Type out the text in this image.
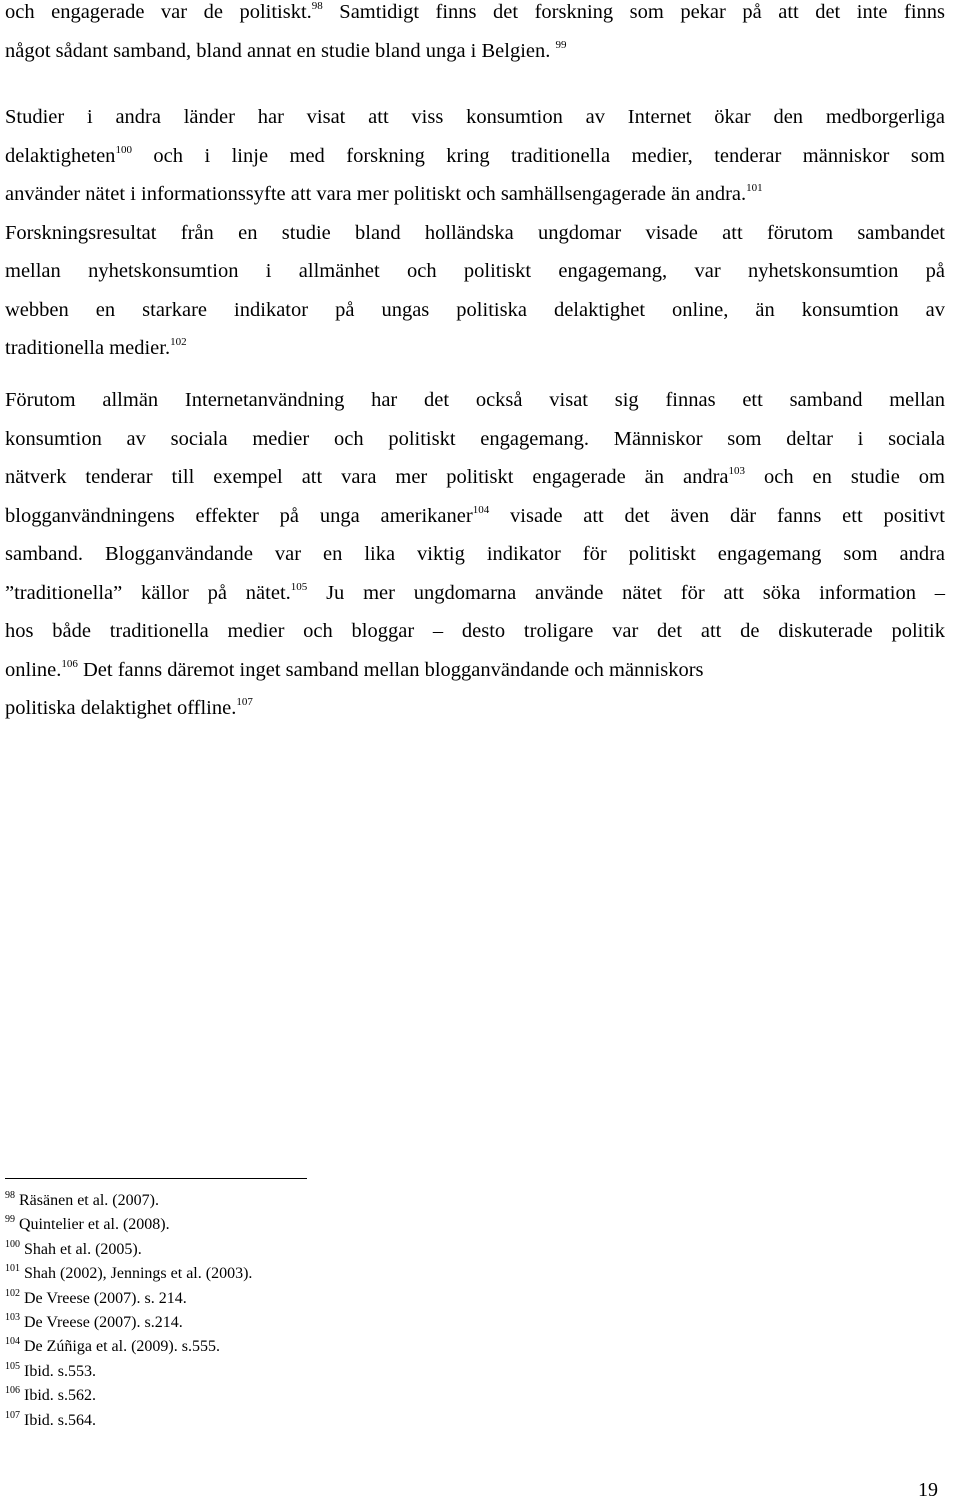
och engagerade var de politiskt.$^{98}$ Samtidigt finns det forskning som pekar på att det inte finns
något sådant samband, bland annat en studie bland unga i Belgien. $^{99}$
Studier i andra länder har visat att viss konsumtion av Internet ökar den medborgerliga
delaktigheten$^{100}$ och i linje med forskning kring traditionella medier, tenderar människor som
använder nätet i informationssyfte att vara mer politiskt och samhällsengagerade än andra.$^{101}$
Forskningsresultat från en studie bland holländska ungdomar visade att förutom sambandet
mellan nyhetskonsumtion i allmänhet och politiskt engagemang, var nyhetskonsumtion på
webben en starkare indikator på ungas politiska delaktighet online, än konsumtion av
traditionella medier.$^{102}$
Förutom allmän Internetanvändning har det också visat sig finnas ett samband mellan
konsumtion av sociala medier och politiskt engagemang. Människor som deltar i sociala
nätverk tenderar till exempel att vara mer politiskt engagerade än andra$^{103}$ och en studie om
blogganvändningens effekter på unga amerikaner$^{104}$ visade att det även där fanns ett positivt
samband. Blogganvändande var en lika viktig indikator för politiskt engagemang som andra
”traditionella” källor på nätet.$^{105}$ Ju mer ungdomarna använde nätet för att söka information –
hos både traditionella medier och bloggar – desto troligare var det att de diskuterade politik
online.$^{106}$ Det fanns däremot inget samband mellan blogganvändande och människors
politiska delaktighet offline.$^{107}$
$^{98}$ Räsänen et al. (2007).
$^{99}$ Quintelier et al. (2008).
$^{100}$ Shah et al. (2005).
$^{101}$ Shah (2002), Jennings et al. (2003).
$^{102}$ De Vreese (2007). s. 214.
$^{103}$ De Vreese (2007). s.214.
$^{104}$ De Zúñiga et al. (2009). s.555.
$^{105}$ Ibid. s.553.
$^{106}$ Ibid. s.562.
$^{107}$ Ibid. s.564.
19
